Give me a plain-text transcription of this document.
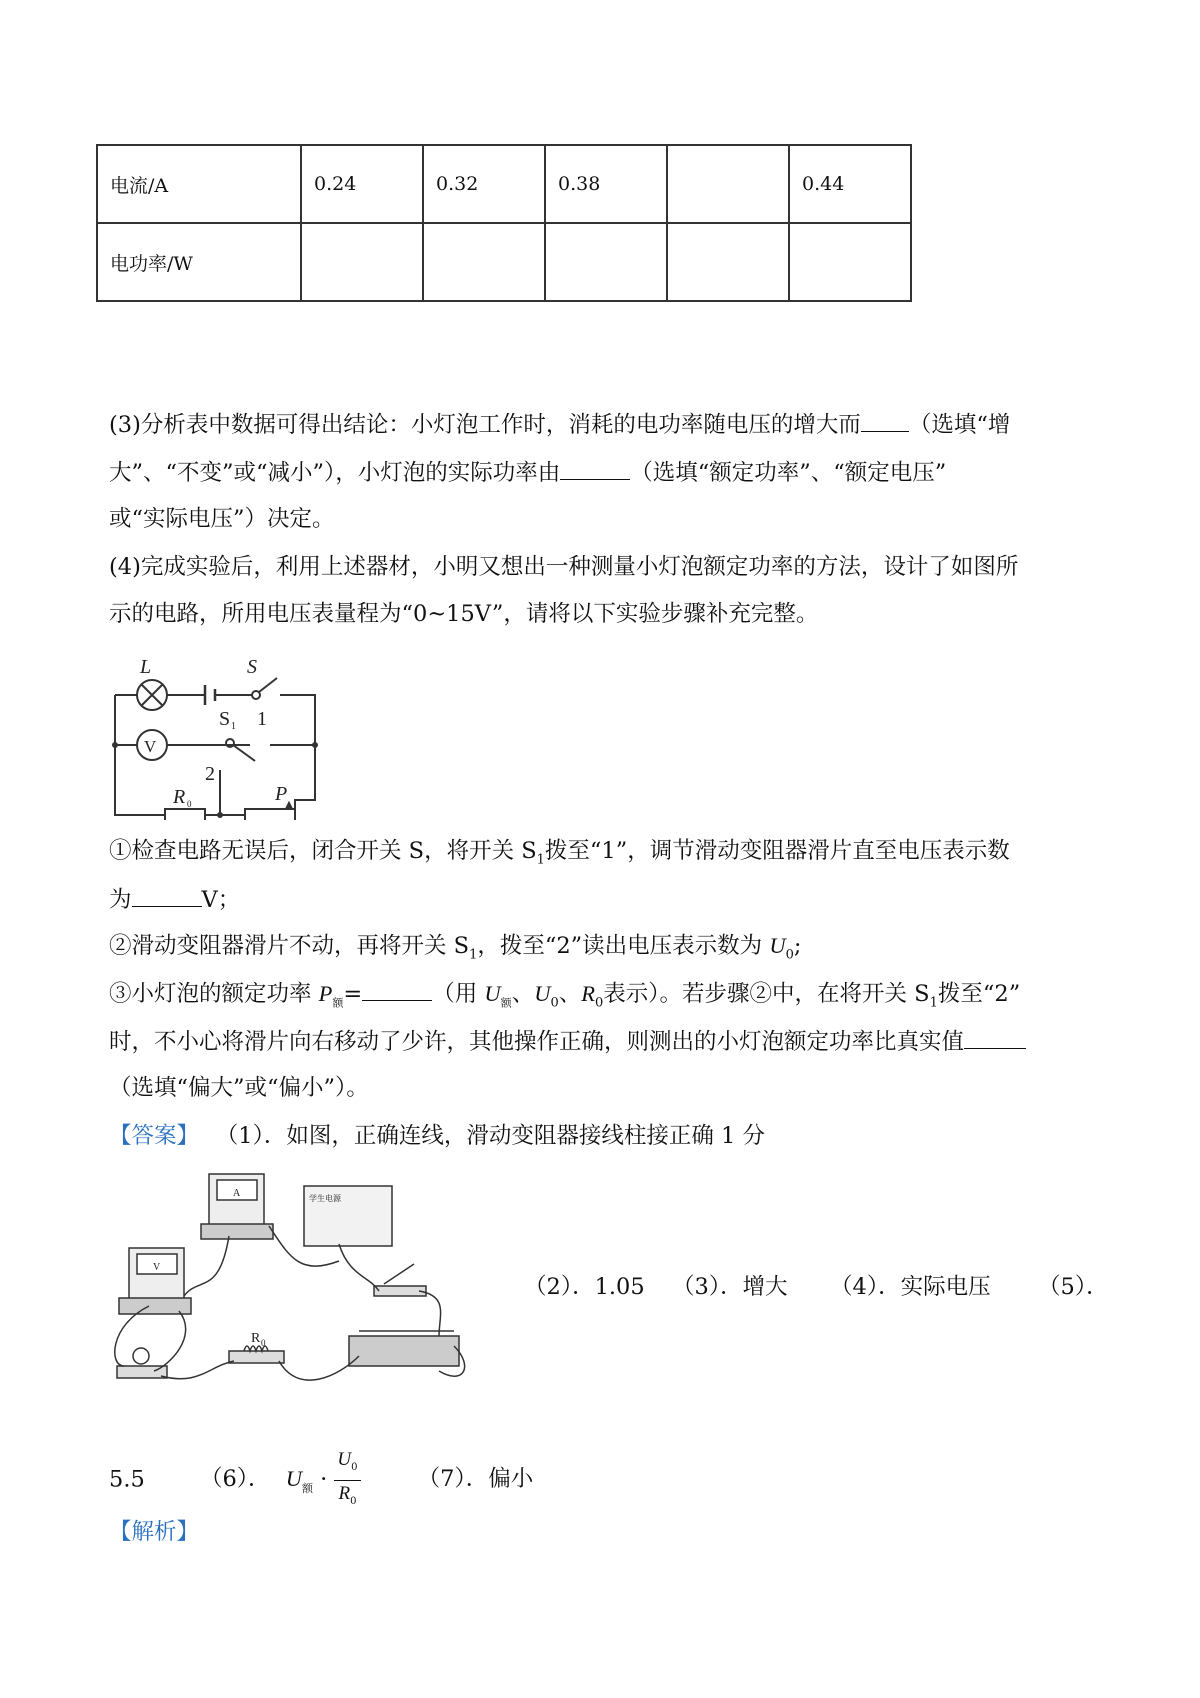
电流/A	0.24	0.32	0.38		0.44
电功率/W					
(3)分析表中数据可得出结论：小灯泡工作时，消耗的电功率随电压的增大而 （选填“增
大”、“不变”或“减小”），小灯泡的实际功率由	（选填“额定功率”、“额定电压”
或“实际电压”）决定。
(4)完成实验后，利用上述器材，小明又想出一种测量小灯泡额定功率的方法，设计了如图所
示的电路，所用电压表量程为“0~15V”，请将以下实验步骤补充完整。
L	S
V
S 1 1
2
R 0	P
①检查电路无误后，闭合开关 S，将开关 $S_1$拨至“1”，调节滑动变阻器滑片直至电压表示数
为	V；
②滑动变阻器滑片不动，再将开关 $S_1$，拨至“2”读出电压表示数为 $U_0$;
③小灯泡的额定功率 $P_额=$	（用 $U_额$、$U_0$、$R_0$表示）。若步骤②中，在将开关 $S_1$拨至“2”
时，不小心将滑片向右移动了少许，其他操作正确，则测出的小灯泡额定功率比真实值
（选填“偏大”或“偏小”）。
【答案】 （1）．如图，正确连线，滑动变阻器接线柱接正确 1 分
A
V
学生电源
R 0
（2）．1.05 （3）．增大 （4）．实际电压 （5）．
5.5 （6）． $U_额 \cdot \frac{U_0}{R_0}$	（7）．偏小
【解析】
